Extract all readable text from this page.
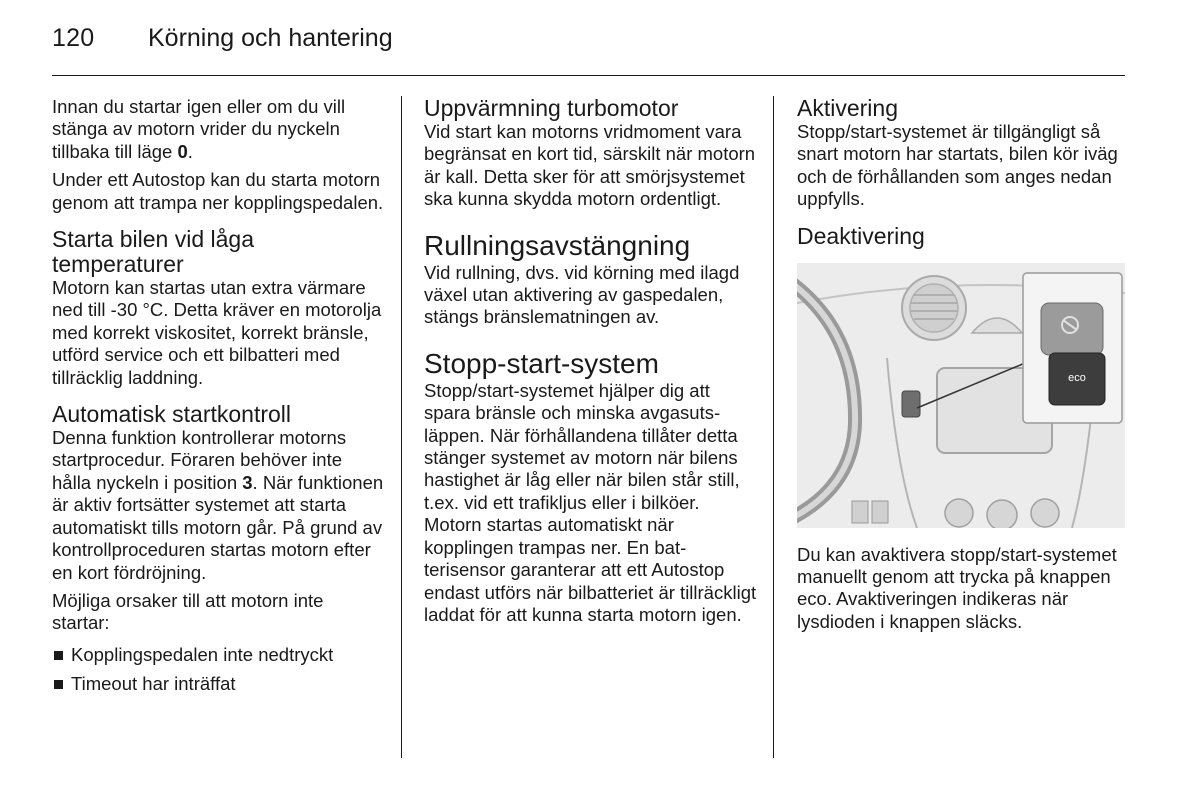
120 Körning och hantering

Innan du startar igen eller om du vill stänga av motorn vrider du nyckeln tillbaka till läge 0.

Under ett Autostop kan du starta motorn genom att trampa ner kopplingspedalen.

Starta bilen vid låga temperaturer

Motorn kan startas utan extra värmare ned till -30 °C. Detta kräver en motorolja med korrekt viskositet, korrekt bränsle, utförd service och ett bilbatteri med tillräcklig laddning.

Automatisk startkontroll

Denna funktion kontrollerar motorns startprocedur. Föraren behöver inte hålla nyckeln i position 3. När funktionen är aktiv fortsätter systemet att starta automatiskt tills motorn går. På grund av kontrollproceduren startas motorn efter en kort fördröjning.

Möjliga orsaker till att motorn inte startar:

Kopplingspedalen inte nedtryckt
Timeout har inträffat
Uppvärmning turbomotor

Vid start kan motorns vridmoment vara begränsat en kort tid, särskilt när motorn är kall. Detta sker för att smörjsystemet ska kunna skydda motorn ordentligt.

Rullningsavstängning

Vid rullning, dvs. vid körning med ilagd växel utan aktivering av gaspedalen, stängs bränslematningen av.

Stopp-start-system

Stopp/start-systemet hjälper dig att spara bränsle och minska avgasutsläppen. När förhållandena tillåter detta stänger systemet av motorn när bilens hastighet är låg eller när bilen står still, t.ex. vid ett trafikljus eller i bilköer. Motorn startas automatiskt när kopplingen trampas ner. En batterisensor garanterar att ett Autostop endast utförs när bilbatteriet är tillräckligt laddat för att kunna starta motorn igen.

Aktivering

Stopp/start-systemet är tillgängligt så snart motorn har startats, bilen kör iväg och de förhållanden som anges nedan uppfylls.

Deaktivering
eco

Du kan avaktivera stopp/start-systemet manuellt genom att trycka på knappen eco. Avaktiveringen indikeras när lysdioden i knappen släcks.
